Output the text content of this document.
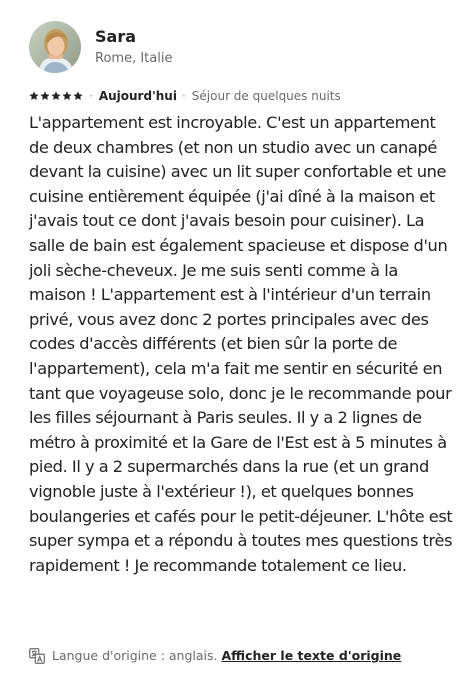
Sara
Rome, Italie
· Aujourd'hui · Séjour de quelques nuits

L'appartement est incroyable. C'est un appartement de deux chambres (et non un studio avec un canapé devant la cuisine) avec un lit super confortable et une cuisine entièrement équipée (j'ai dîné à la maison et j'avais tout ce dont j'avais besoin pour cuisiner). La salle de bain est également spacieuse et dispose d'un joli sèche-cheveux. Je me suis senti comme à la maison ! L'appartement est à l'intérieur d'un terrain privé, vous avez donc 2 portes principales avec des codes d'accès différents (et bien sûr la porte de l'appartement), cela m'a fait me sentir en sécurité en tant que voyageuse solo, donc je le recommande pour les filles séjournant à Paris seules. Il y a 2 lignes de métro à proximité et la Gare de l'Est est à 5 minutes à pied. Il y a 2 supermarchés dans la rue (et un grand vignoble juste à l'extérieur !), et quelques bonnes boulangeries et cafés pour le petit-déjeuner. L'hôte est super sympa et a répondu à toutes mes questions très rapidement ! Je recommande totalement ce lieu.

Langue d'origine : anglais. Afficher le texte d'origine
